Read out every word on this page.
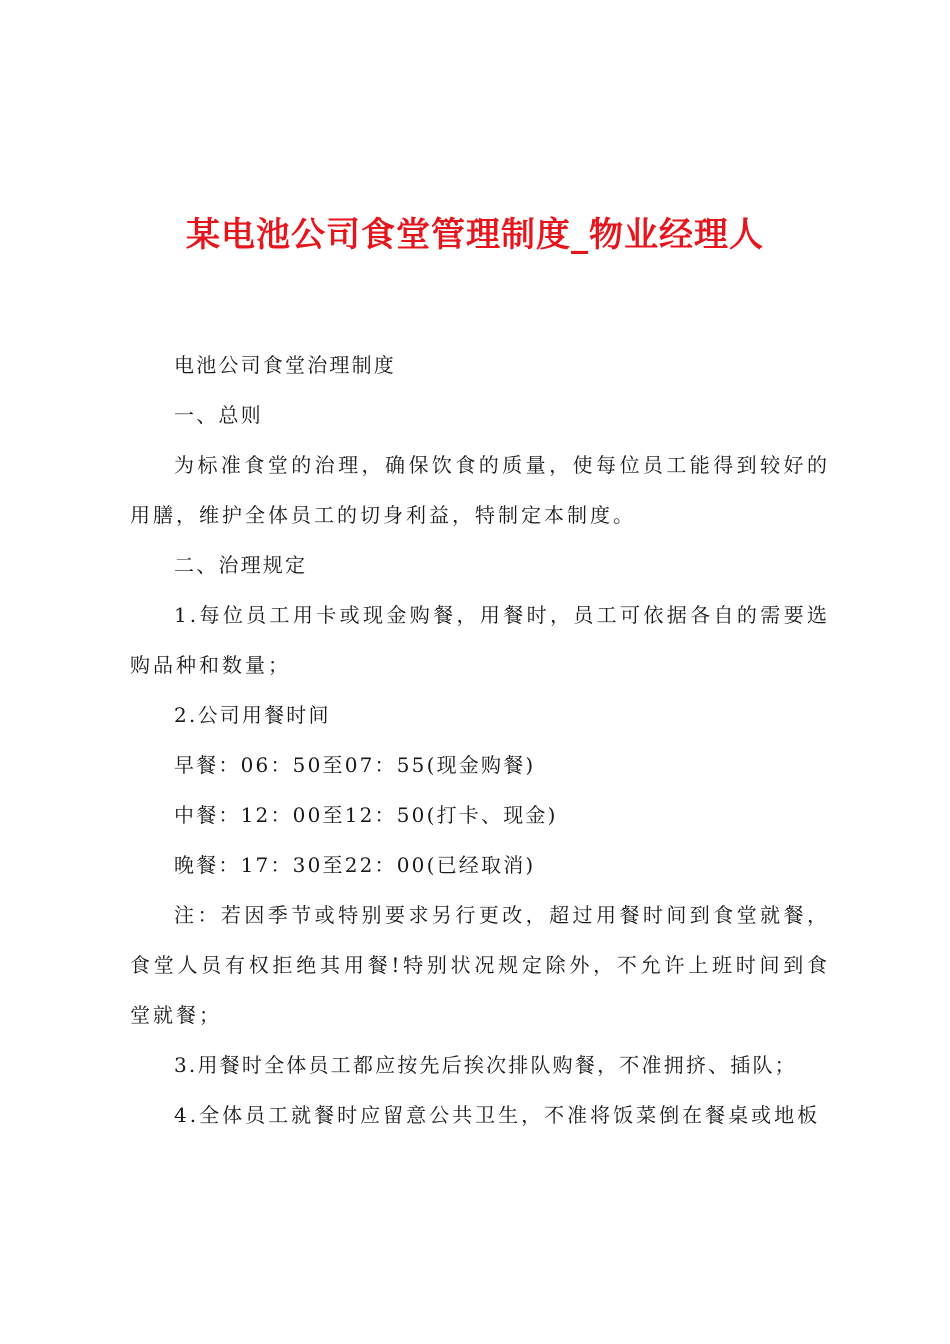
某电池公司食堂管理制度_物业经理人

电池公司食堂治理制度

一、总则

为标准食堂的治理，确保饮食的质量，使每位员工能得到较好的用膳，维护全体员工的切身利益，特制定本制度。

二、治理规定

1.每位员工用卡或现金购餐，用餐时，员工可依据各自的需要选购品种和数量；

2.公司用餐时间

早餐：06：50至07：55(现金购餐)

中餐：12：00至12：50(打卡、现金)

晚餐：17：30至22：00(已经取消)

注：若因季节或特别要求另行更改，超过用餐时间到食堂就餐，食堂人员有权拒绝其用餐!特别状况规定除外，不允许上班时间到食堂就餐；

3.用餐时全体员工都应按先后挨次排队购餐，不准拥挤、插队；

4.全体员工就餐时应留意公共卫生，不准将饭菜倒在餐桌或地板
